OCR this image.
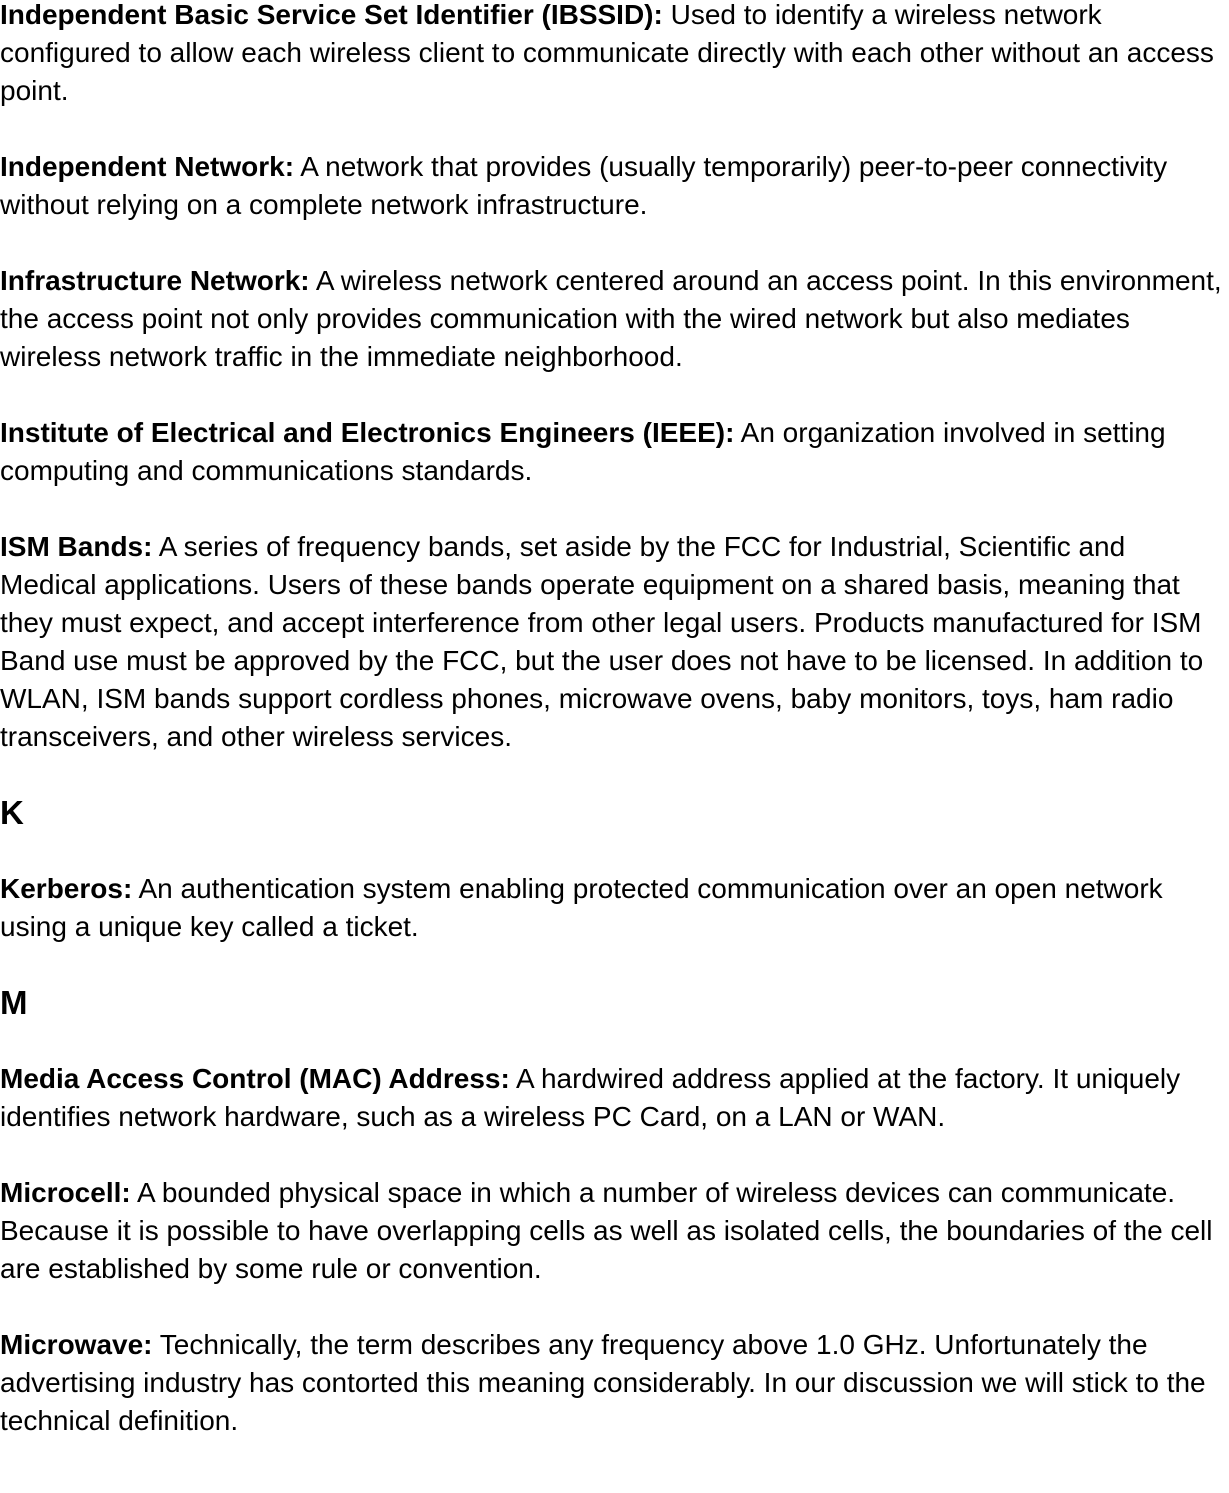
Independent Basic Service Set Identifier (IBSSID): Used to identify a wireless network configured to allow each wireless client to communicate directly with each other without an access point.

Independent Network: A network that provides (usually temporarily) peer-to-peer connectivity without relying on a complete network infrastructure.

Infrastructure Network: A wireless network centered around an access point. In this environment, the access point not only provides communication with the wired network but also mediates wireless network traffic in the immediate neighborhood.

Institute of Electrical and Electronics Engineers (IEEE): An organization involved in setting computing and communications standards.

ISM Bands: A series of frequency bands, set aside by the FCC for Industrial, Scientific and Medical applications. Users of these bands operate equipment on a shared basis, meaning that they must expect, and accept interference from other legal users. Products manufactured for ISM Band use must be approved by the FCC, but the user does not have to be licensed. In addition to WLAN, ISM bands support cordless phones, microwave ovens, baby monitors, toys, ham radio transceivers, and other wireless services.

K

Kerberos: An authentication system enabling protected communication over an open network using a unique key called a ticket.

M

Media Access Control (MAC) Address: A hardwired address applied at the factory. It uniquely identifies network hardware, such as a wireless PC Card, on a LAN or WAN.

Microcell: A bounded physical space in which a number of wireless devices can communicate. Because it is possible to have overlapping cells as well as isolated cells, the boundaries of the cell are established by some rule or convention.

Microwave: Technically, the term describes any frequency above 1.0 GHz. Unfortunately the advertising industry has contorted this meaning considerably. In our discussion we will stick to the technical definition.
